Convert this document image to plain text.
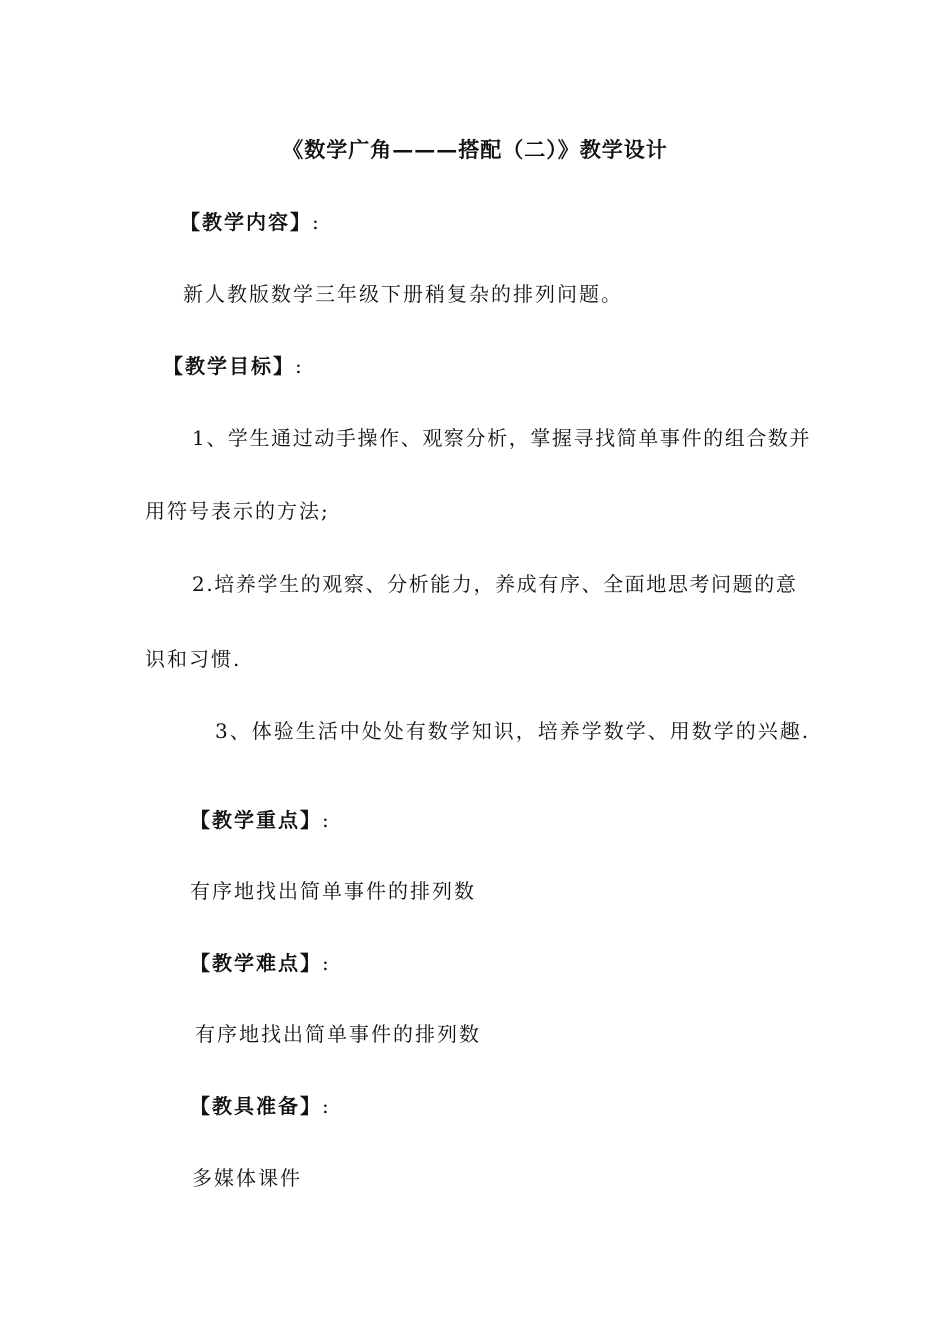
《数学广角———搭配（二）》教学设计
【教学内容】:
新人教版数学三年级下册稍复杂的排列问题。
【教学目标】:
1、学生通过动手操作、观察分析，掌握寻找简单事件的组合数并
用符号表示的方法;
2.培养学生的观察、分析能力，养成有序、全面地思考问题的意
识和习惯.
3、体验生活中处处有数学知识，培养学数学、用数学的兴趣.
【教学重点】:
有序地找出简单事件的排列数
【教学难点】:
有序地找出简单事件的排列数
【教具准备】:
多媒体课件
